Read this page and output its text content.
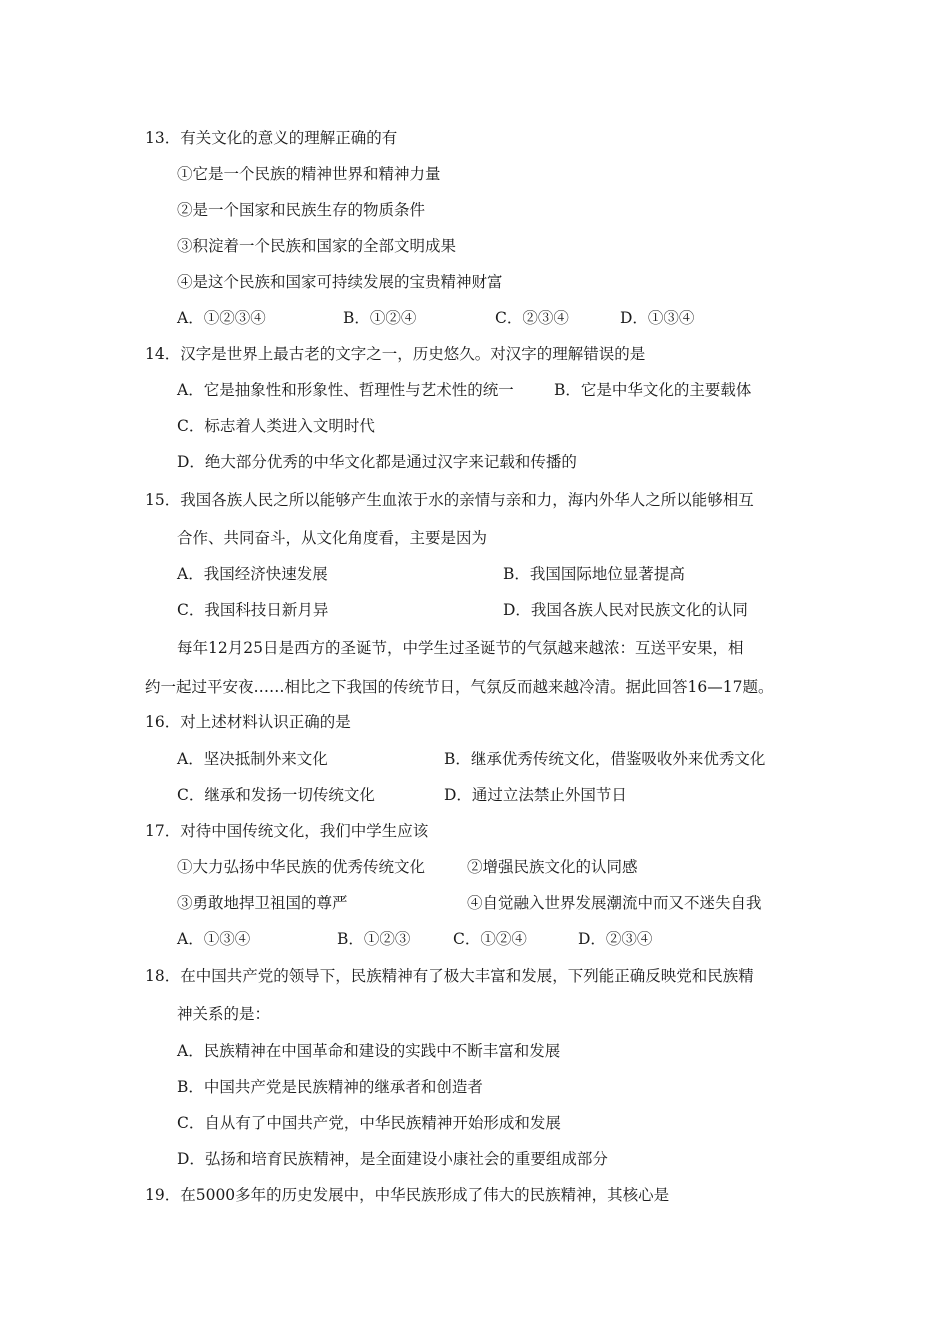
13．有关文化的意义的理解正确的有
①它是一个民族的精神世界和精神力量
②是一个国家和民族生存的物质条件
③积淀着一个民族和国家的全部文明成果
④是这个民族和国家可持续发展的宝贵精神财富
A．①②③④	B．①②④	C．②③④	D．①③④
14．汉字是世界上最古老的文字之一，历史悠久。对汉字的理解错误的是
A．它是抽象性和形象性、哲理性与艺术性的统一	B．它是中华文化的主要载体
C．标志着人类进入文明时代
D．绝大部分优秀的中华文化都是通过汉字来记载和传播的
15．我国各族人民之所以能够产生血浓于水的亲情与亲和力，海内外华人之所以能够相互
合作、共同奋斗，从文化角度看，主要是因为
A．我国经济快速发展	B．我国国际地位显著提高
C．我国科技日新月异	D．我国各族人民对民族文化的认同
每年12月25日是西方的圣诞节，中学生过圣诞节的气氛越来越浓：互送平安果，相
约一起过平安夜……相比之下我国的传统节日，气氛反而越来越冷清。据此回答16—17题。
16．对上述材料认识正确的是
A．坚决抵制外来文化	B．继承优秀传统文化，借鉴吸收外来优秀文化
C．继承和发扬一切传统文化	D．通过立法禁止外国节日
17．对待中国传统文化，我们中学生应该
①大力弘扬中华民族的优秀传统文化	②增强民族文化的认同感
③勇敢地捍卫祖国的尊严	④自觉融入世界发展潮流中而又不迷失自我
A．①③④	B．①②③	C．①②④	D．②③④
18．在中国共产党的领导下，民族精神有了极大丰富和发展，下列能正确反映党和民族精
神关系的是：
A．民族精神在中国革命和建设的实践中不断丰富和发展
B．中国共产党是民族精神的继承者和创造者
C．自从有了中国共产党，中华民族精神开始形成和发展
D．弘扬和培育民族精神，是全面建设小康社会的重要组成部分
19．在5000多年的历史发展中，中华民族形成了伟大的民族精神，其核心是
